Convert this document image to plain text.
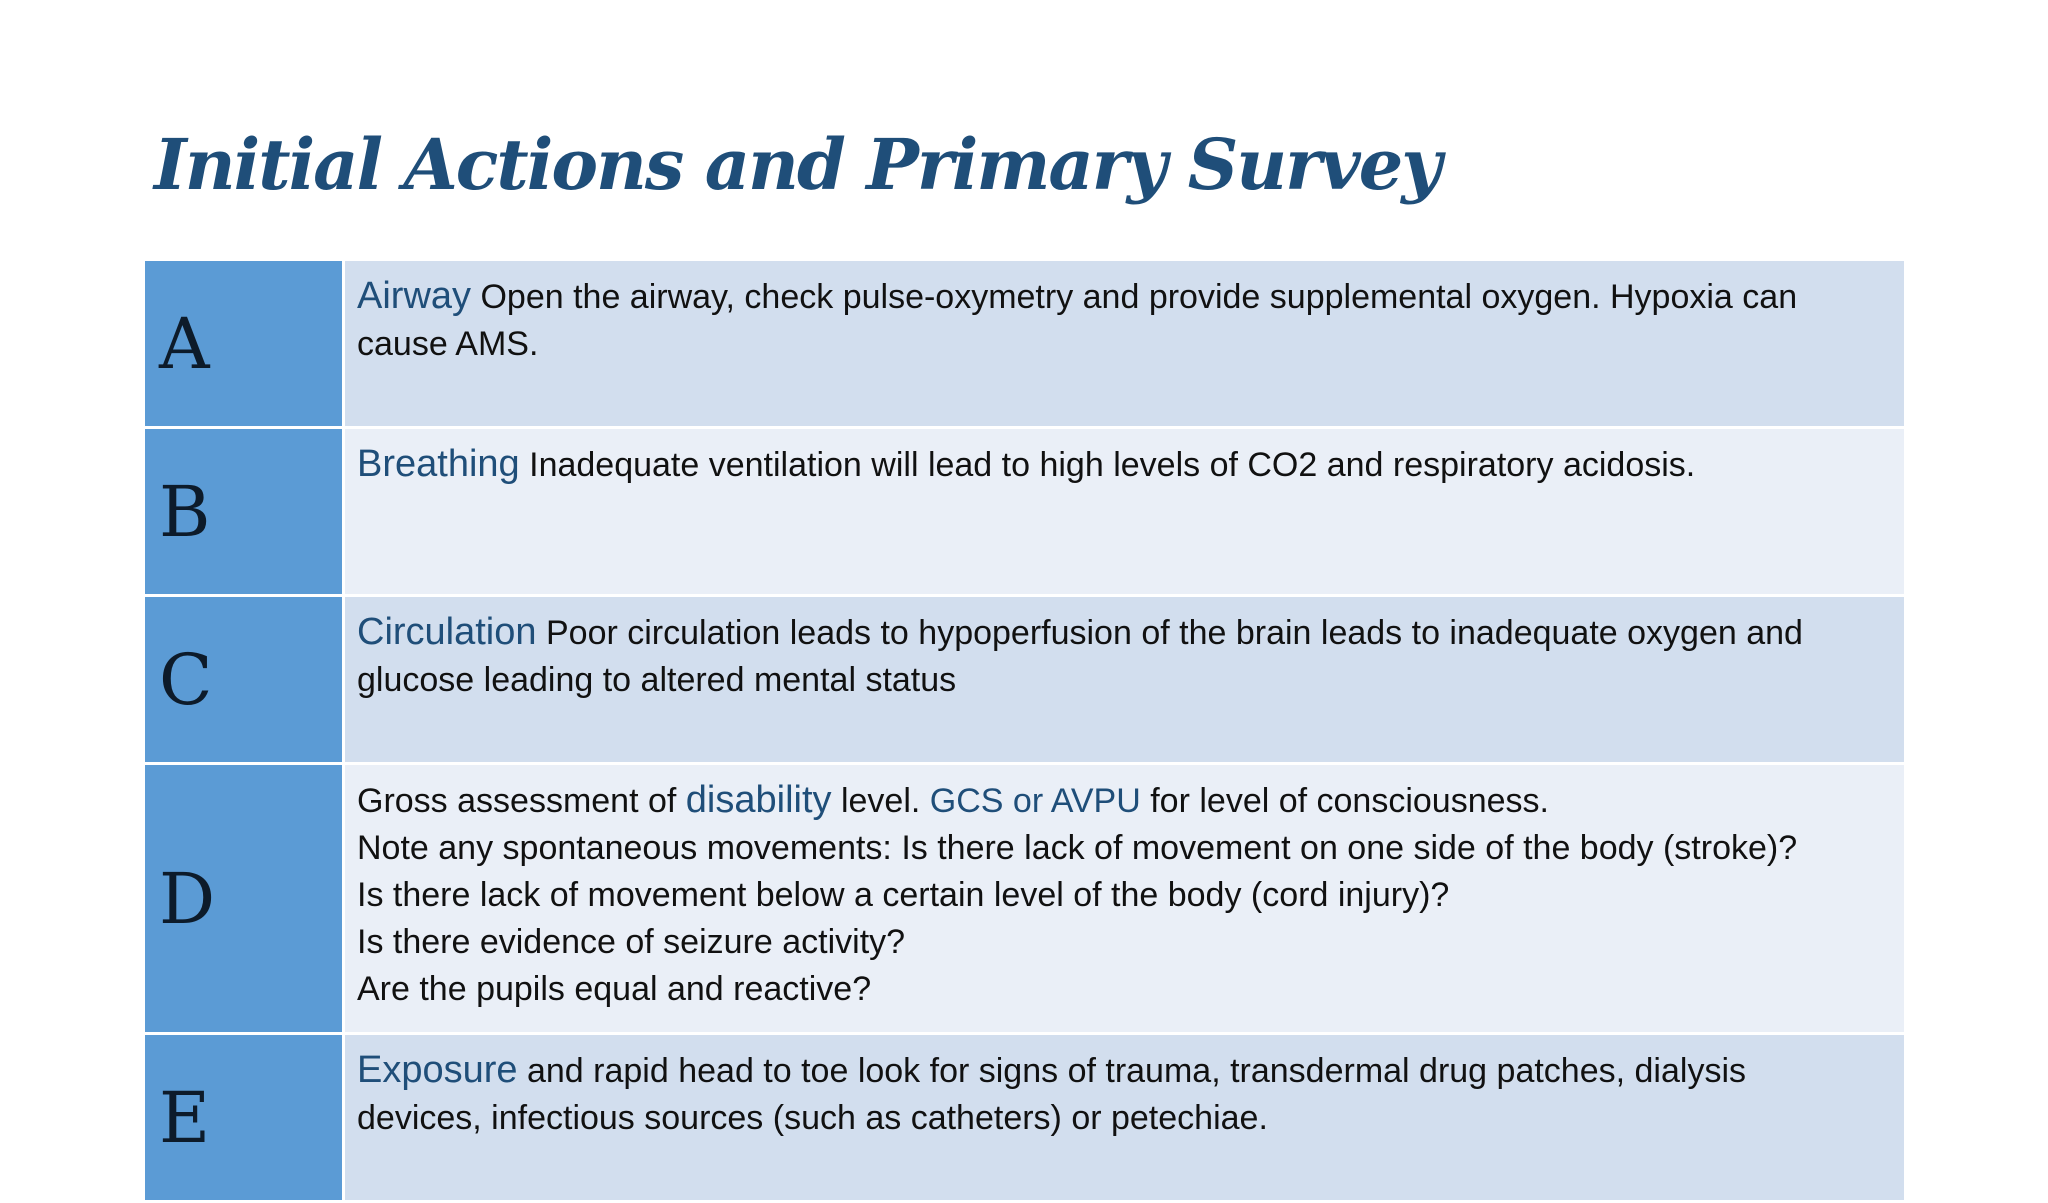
Initial Actions and Primary Survey
A	Airway Open the airway, check pulse-oxymetry and provide supplemental oxygen. Hypoxia can cause AMS.
B	Breathing Inadequate ventilation will lead to high levels of CO2 and respiratory acidosis.
C	Circulation Poor circulation leads to hypoperfusion of the brain leads to inadequate oxygen and glucose leading to altered mental status
D	Gross assessment of disability level. GCS or AVPU for level of consciousness.
Note any spontaneous movements: Is there lack of movement on one side of the body (stroke)?
Is there lack of movement below a certain level of the body (cord injury)?
Is there evidence of seizure activity?
Are the pupils equal and reactive?

E	Exposure and rapid head to toe look for signs of trauma, transdermal drug patches, dialysis devices, infectious sources (such as catheters) or petechiae.
